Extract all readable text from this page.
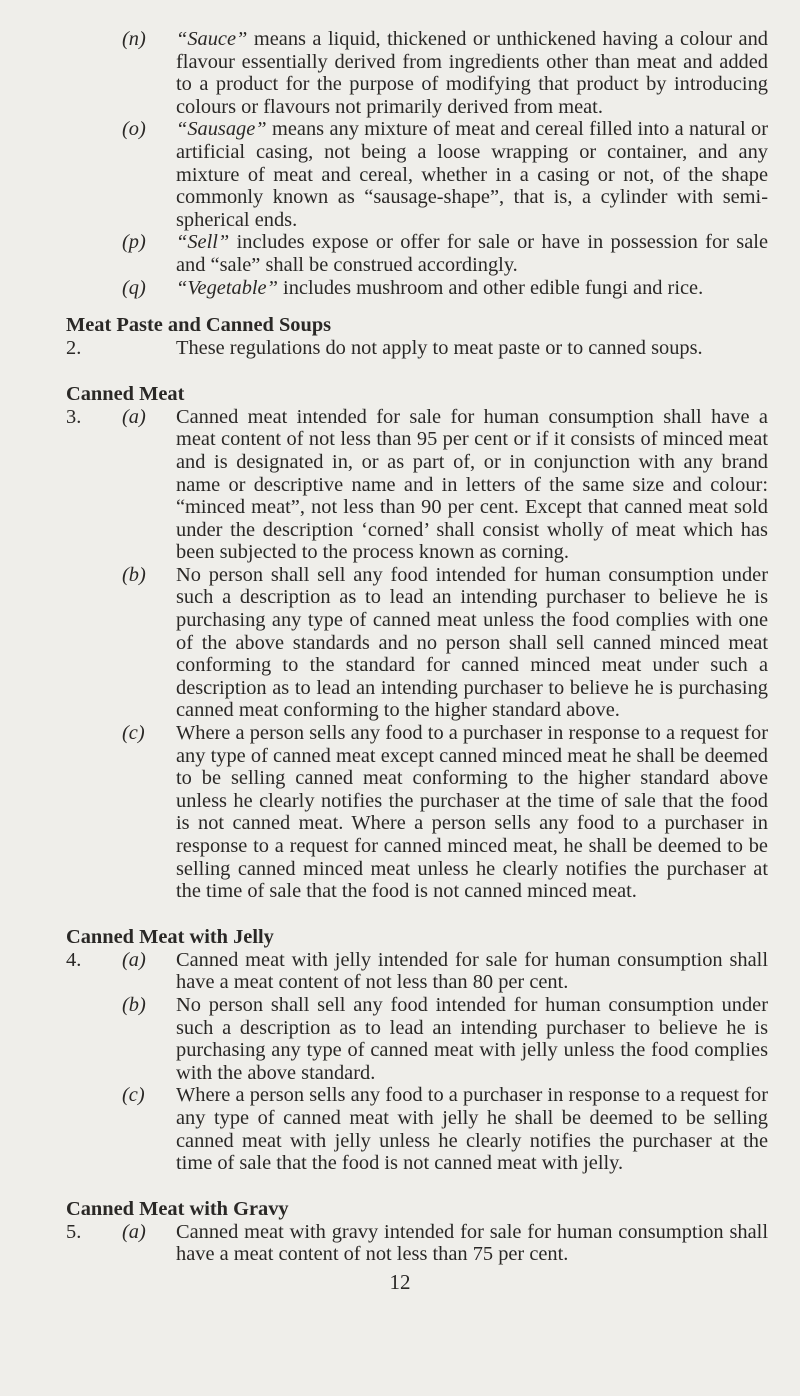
(n)	“Sauce” means a liquid, thickened or unthickened having a colour and flavour essentially derived from ingredients other than meat and added to a product for the purpose of modifying that product by introducing colours or flavours not primarily derived from meat.
(o)	“Sausage” means any mixture of meat and cereal filled into a natural or artificial casing, not being a loose wrapping or container, and any mixture of meat and cereal, whether in a casing or not, of the shape commonly known as “sausage-shape”, that is, a cylinder with semi-spherical ends.
(p)	“Sell” includes expose or offer for sale or have in possession for sale and “sale” shall be construed accordingly.
(q)	“Vegetable” includes mushroom and other edible fungi and rice.
Meat Paste and Canned Soups
2.	These regulations do not apply to meat paste or to canned soups.
Canned Meat
3.	(a)	Canned meat intended for sale for human consumption shall have a meat content of not less than 95 per cent or if it consists of minced meat and is designated in, or as part of, or in conjunction with any brand name or descriptive name and in letters of the same size and colour: “minced meat”, not less than 90 per cent. Except that canned meat sold under the description ‘corned’ shall consist wholly of meat which has been subjected to the process known as corning.
(b)	No person shall sell any food intended for human consumption under such a description as to lead an intending purchaser to believe he is purchasing any type of canned meat unless the food complies with one of the above standards and no person shall sell canned minced meat conforming to the standard for canned minced meat under such a description as to lead an intending purchaser to believe he is purchasing canned meat conforming to the higher standard above.
(c)	Where a person sells any food to a purchaser in response to a request for any type of canned meat except canned minced meat he shall be deemed to be selling canned meat conforming to the higher standard above unless he clearly notifies the purchaser at the time of sale that the food is not canned meat. Where a person sells any food to a purchaser in response to a request for canned minced meat, he shall be deemed to be selling canned minced meat unless he clearly notifies the purchaser at the time of sale that the food is not canned minced meat.
Canned Meat with Jelly
4.	(a)	Canned meat with jelly intended for sale for human consumption shall have a meat content of not less than 80 per cent.
(b)	No person shall sell any food intended for human consumption under such a description as to lead an intending purchaser to believe he is purchasing any type of canned meat with jelly unless the food complies with the above standard.
(c)	Where a person sells any food to a purchaser in response to a request for any type of canned meat with jelly he shall be deemed to be selling canned meat with jelly unless he clearly notifies the purchaser at the time of sale that the food is not canned meat with jelly.
Canned Meat with Gravy
5.	(a)	Canned meat with gravy intended for sale for human consumption shall have a meat content of not less than 75 per cent.
12
